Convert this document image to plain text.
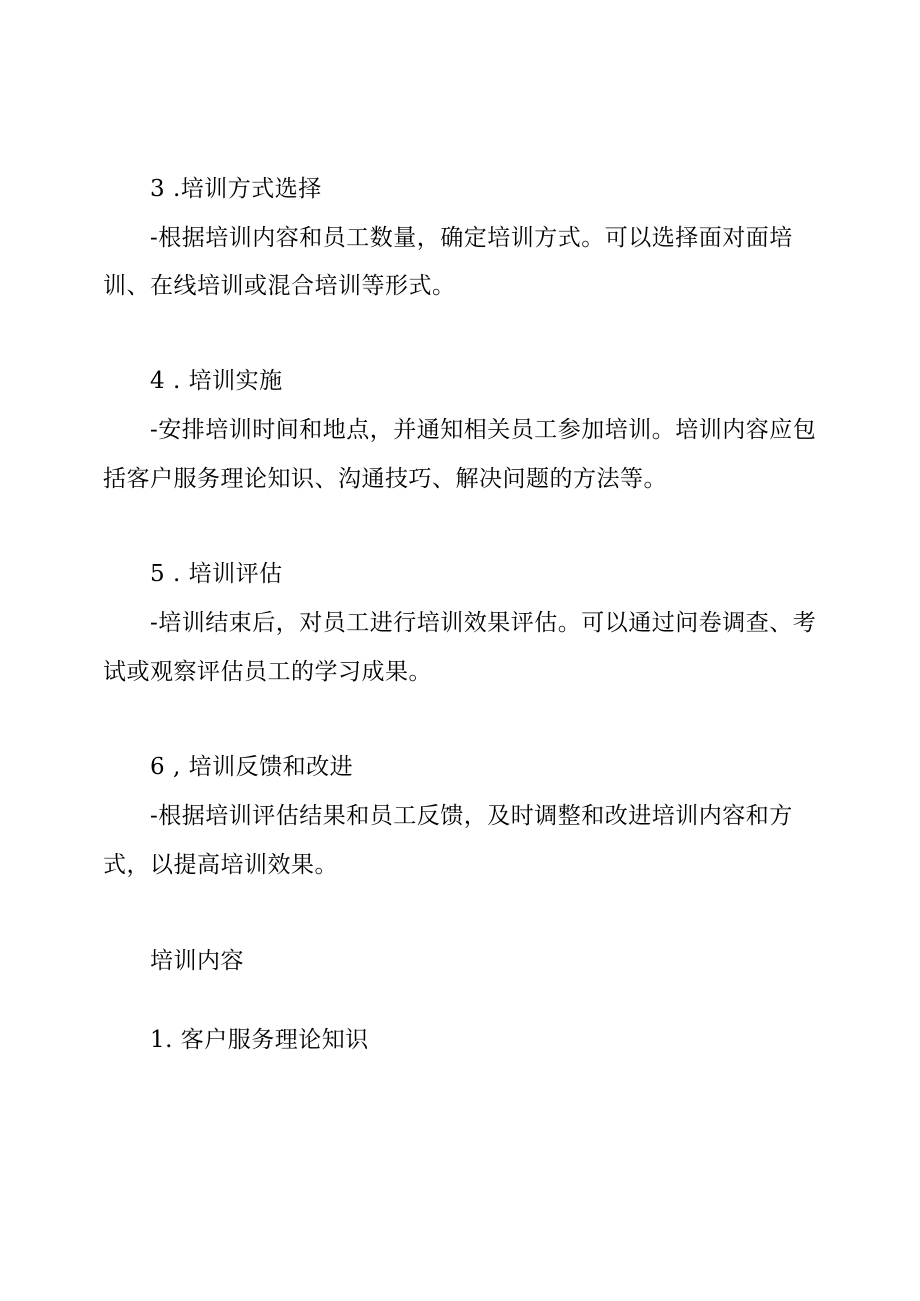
3 .培训方式选择
-根据培训内容和员工数量，确定培训方式。可以选择面对面培
训、在线培训或混合培训等形式。
4 . 培训实施
-安排培训时间和地点，并通知相关员工参加培训。培训内容应包
括客户服务理论知识、沟通技巧、解决问题的方法等。
5 . 培训评估
-培训结束后，对员工进行培训效果评估。可以通过问卷调查、考
试或观察评估员工的学习成果。
6 , 培训反馈和改进
-根据培训评估结果和员工反馈，及时调整和改进培训内容和方
式，以提高培训效果。
培训内容
1. 客户服务理论知识
